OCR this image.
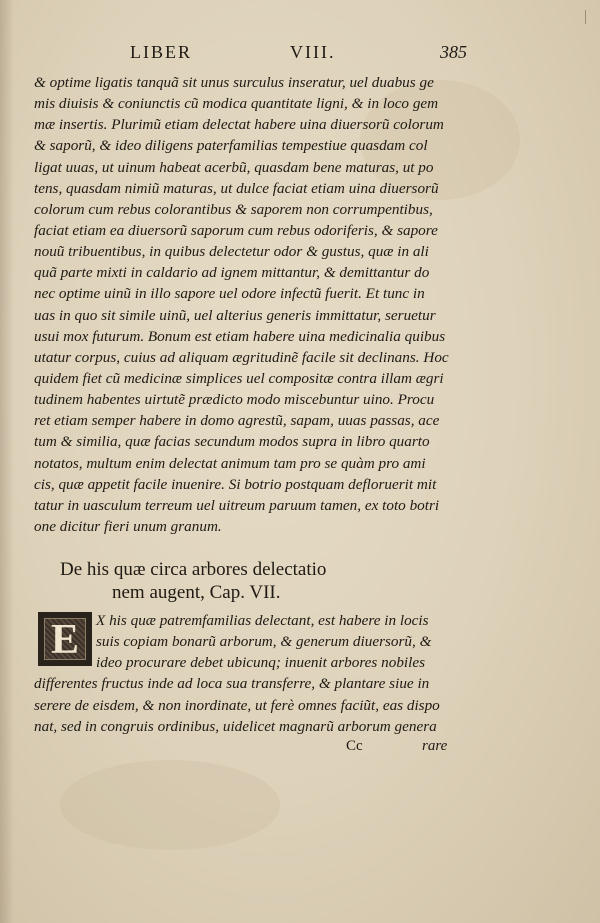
LIBER	VIII.	385
& optime ligatis tanquã sit unus surculus inseratur, uel duabus ge
mis diuisis & coniunctis cũ modica quantitate ligni, & in loco gem
mæ insertis. Plurimũ etiam delectat habere uina diuersorũ colorum
& saporũ, & ideo diligens paterfamilias tempestiue quasdam col
ligat uuas, ut uinum habeat acerbũ, quasdam bene maturas, ut po
tens, quasdam nimiũ maturas, ut dulce faciat etiam uina diuersorũ
colorum cum rebus colorantibus & saporem non corrumpentibus,
faciat etiam ea diuersorũ saporum cum rebus odoriferis, & sapore
nouũ tribuentibus, in quibus delectetur odor & gustus, quæ in ali
quã parte mixti in caldario ad ignem mittantur, & demittantur do
nec optime uinũ in illo sapore uel odore infectũ fuerit. Et tunc in
uas in quo sit simile uinũ, uel alterius generis immittatur, seruetur
usui mox futurum. Bonum est etiam habere uina medicinalia quibus
utatur corpus, cuius ad aliquam ægritudinẽ facile sit declinans. Hoc
quidem fiet cũ medicinæ simplices uel compositæ contra illam ægri
tudinem habentes uirtutẽ prædicto modo miscebuntur uino. Procu
ret etiam semper habere in domo agrestũ, sapam, uuas passas, ace
tum & similia, quæ facias secundum modos supra in libro quarto
notatos, multum enim delectat animum tam pro se quàm pro ami
cis, quæ appetit facile inuenire. Si botrio postquam defloruerit mit
tatur in uasculum terreum uel uitreum paruum tamen, ex toto botri
one dicitur fieri unum granum.
De his quæ circa arbores delectatio
nem augent, Cap. VII.
E	X his quæ patremfamilias delectant, est habere in locis
suis copiam bonarũ arborum, & generum diuersorũ, &
ideo procurare debet ubicunq; inuenit arbores nobiles
differentes fructus inde ad loca sua transferre, & plantare siue in
serere de eisdem, & non inordinate, ut ferè omnes faciũt, eas dispo
nat, sed in congruis ordinibus, uidelicet magnarũ arborum genera
Cc	rare
